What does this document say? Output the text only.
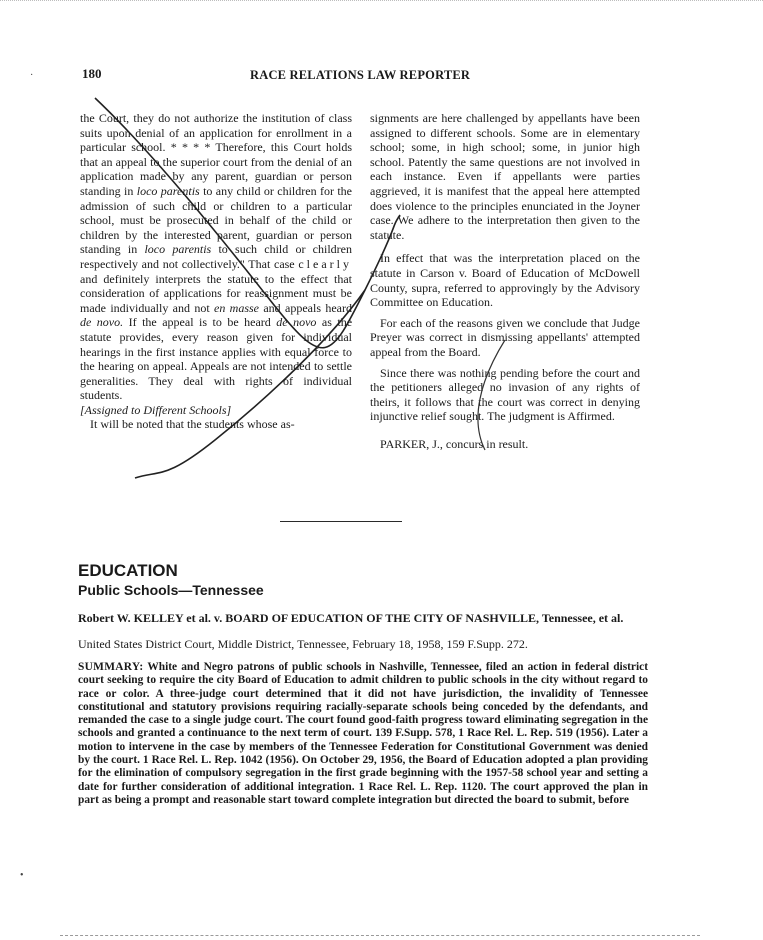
180	RACE RELATIONS LAW REPORTER

the Court, they do not authorize the institution of class suits upon denial of an application for enrollment in a particular school. * * * * Therefore, this Court holds that an appeal to the superior court from the denial of an application made by any parent, guardian or person standing in loco parentis to any child or children for the admission of such child or children to a particular school, must be prosecuted in behalf of the child or children by the interested parent, guardian or person standing in loco parentis to such child or children respectively and not collectively." That case clearly and definitely interprets the statute to the effect that consideration of applications for reassignment must be made individually and not en masse and appeals heard de novo. If the appeal is to be heard de novo as the statute provides, every reason given for individual hearings in the first instance applies with equal force to the hearing on appeal. Appeals are not intended to settle generalities. They deal with rights of individual students.

[Assigned to Different Schools]

It will be noted that the students whose as-

signments are here challenged by appellants have been assigned to different schools. Some are in elementary school; some, in high school; some, in junior high school. Patently the same questions are not involved in each instance. Even if appellants were parties aggrieved, it is manifest that the appeal here attempted does violence to the principles enunciated in the Joyner case. We adhere to the interpretation then given to the statute.

In effect that was the interpretation placed on the statute in Carson v. Board of Education of McDowell County, supra, referred to approvingly by the Advisory Committee on Education.

For each of the reasons given we conclude that Judge Preyer was correct in dismissing appellants' attempted appeal from the Board.

Since there was nothing pending before the court and the petitioners alleged no invasion of any rights of theirs, it follows that the court was correct in denying injunctive relief sought. The judgment is Affirmed.

PARKER, J., concurs in result.

EDUCATION
Public Schools—Tennessee
Robert W. KELLEY et al. v. BOARD OF EDUCATION OF THE CITY OF NASHVILLE, Tennessee, et al.
United States District Court, Middle District, Tennessee, February 18, 1958, 159 F.Supp. 272.
SUMMARY: White and Negro patrons of public schools in Nashville, Tennessee, filed an action in federal district court seeking to require the city Board of Education to admit children to public schools in the city without regard to race or color. A three-judge court determined that it did not have jurisdiction, the invalidity of Tennessee constitutional and statutory provisions requiring racially-separate schools being conceded by the defendants, and remanded the case to a single judge court. The court found good-faith progress toward eliminating segregation in the schools and granted a continuance to the next term of court. 139 F.Supp. 578, 1 Race Rel. L. Rep. 519 (1956). Later a motion to intervene in the case by members of the Tennessee Federation for Constitutional Government was denied by the court. 1 Race Rel. L. Rep. 1042 (1956). On October 29, 1956, the Board of Education adopted a plan providing for the elimination of compulsory segregation in the first grade beginning with the 1957-58 school year and setting a date for further consideration of additional integration. 1 Race Rel. L. Rep. 1120. The court approved the plan in part as being a prompt and reasonable start toward complete integration but directed the board to submit, before
·
•
